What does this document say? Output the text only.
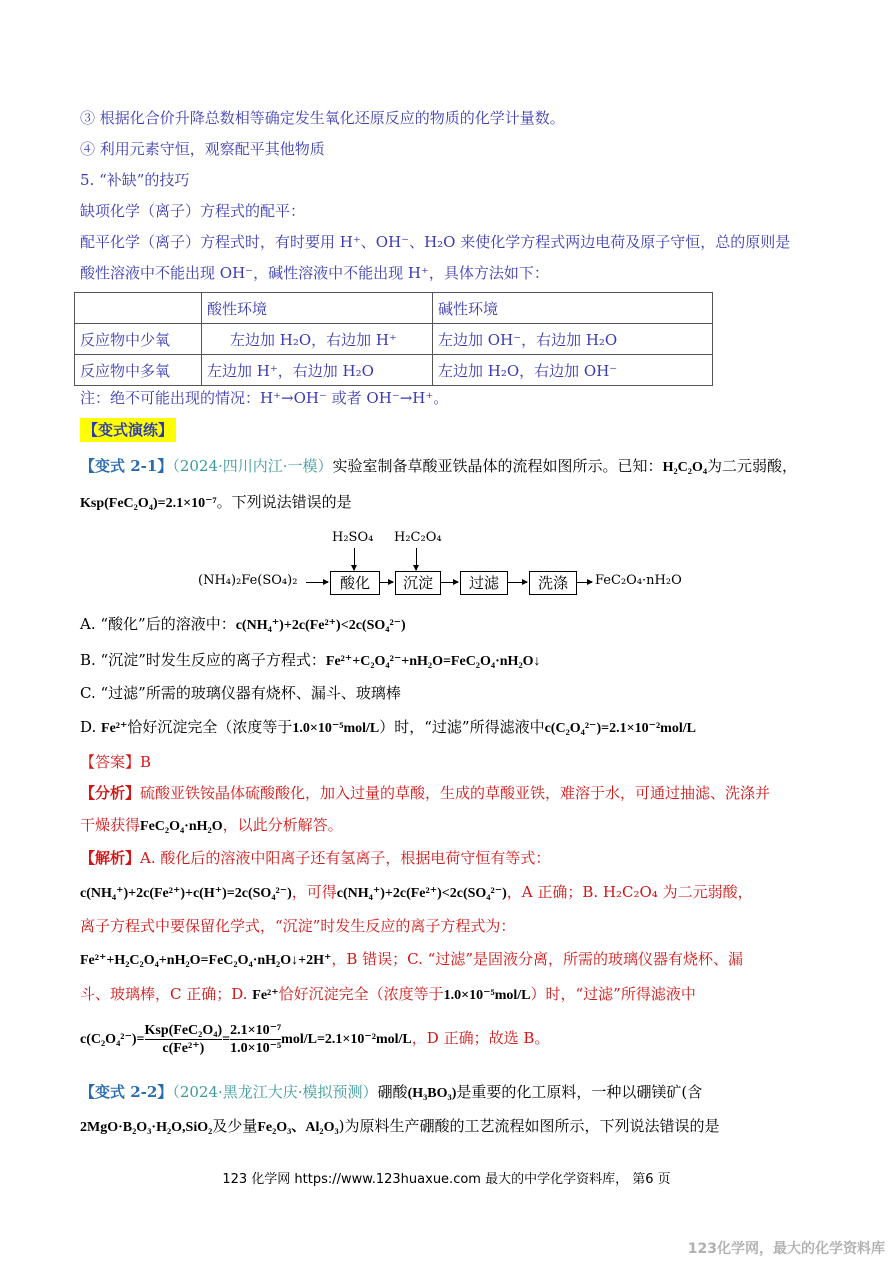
③ 根据化合价升降总数相等确定发生氧化还原反应的物质的化学计量数。
④ 利用元素守恒，观察配平其他物质
5. “补缺”的技巧
缺项化学（离子）方程式的配平：
配平化学（离子）方程式时，有时要用 H⁺、OH⁻、H₂O 来使化学方程式两边电荷及原子守恒，总的原则是
酸性溶液中不能出现 OH⁻，碱性溶液中不能出现 H⁺，具体方法如下：
	酸性环境	碱性环境
反应物中少氧	左边加 H₂O，右边加 H⁺	左边加 OH⁻，右边加 H₂O
反应物中多氧	左边加 H⁺，右边加 H₂O	左边加 H₂O，右边加 OH⁻
注：绝不可能出现的情况：H⁺→OH⁻ 或者 OH⁻→H⁺。
【变式演练】
【变式 2-1】（2024·四川内江·一模）实验室制备草酸亚铁晶体的流程如图所示。已知：H₂C₂O₄为二元弱酸，
Ksp(FeC₂O₄)=2.1×10⁻⁷。下列说法错误的是
(NH₄)₂Fe(SO₄)₂	酸化	沉淀	过滤	洗涤	FeC₂O₄·nH₂O
H₂SO₄ H₂C₂O₄
A. “酸化”后的溶液中：c(NH₄⁺)+2c(Fe²⁺)<2c(SO₄²⁻)
B. “沉淀”时发生反应的离子方程式：Fe²⁺+C₂O₄²⁻+nH₂O=FeC₂O₄·nH₂O↓
C. “过滤”所需的玻璃仪器有烧杯、漏斗、玻璃棒
D. Fe²⁺恰好沉淀完全（浓度等于1.0×10⁻⁵mol/L）时，“过滤”所得滤液中c(C₂O₄²⁻)=2.1×10⁻²mol/L
【答案】B
【分析】硫酸亚铁铵晶体硫酸酸化，加入过量的草酸，生成的草酸亚铁，难溶于水，可通过抽滤、洗涤并
干燥获得FeC₂O₄·nH₂O，以此分析解答。
【解析】A. 酸化后的溶液中阳离子还有氢离子，根据电荷守恒有等式：
c(NH₄⁺)+2c(Fe²⁺)+c(H⁺)=2c(SO₄²⁻)，可得c(NH₄⁺)+2c(Fe²⁺)<2c(SO₄²⁻)，A 正确；B. H₂C₂O₄ 为二元弱酸，
离子方程式中要保留化学式，“沉淀”时发生反应的离子方程式为：
Fe²⁺+H₂C₂O₄+nH₂O=FeC₂O₄·nH₂O↓+2H⁺，B 错误；C. “过滤”是固液分离，所需的玻璃仪器有烧杯、漏
斗、玻璃棒，C 正确；D. Fe²⁺恰好沉淀完全（浓度等于1.0×10⁻⁵mol/L）时，“过滤”所得滤液中
$c(C_2O_4^{2-})= \frac{\text{Ksp(FeC₂O₄)}}{\text{c(Fe²⁺)}} = \frac{\text{2.1×10⁻⁷}}{\text{1.0×10⁻⁵}} mol/L=2.1\times 10^{-2}mol/L$，D 正确；故选 B。
【变式 2-2】（2024·黑龙江大庆·模拟预测）硼酸(H₃BO₃)是重要的化工原料，一种以硼镁矿(含
2MgO·B₂O₃·H₂O,SiO₂及少量Fe₂O₃、Al₂O₃)为原料生产硼酸的工艺流程如图所示，下列说法错误的是
123 化学网 https://www.123huaxue.com 最大的中学化学资料库， 第6 页
123化学网，最大的化学资料库
